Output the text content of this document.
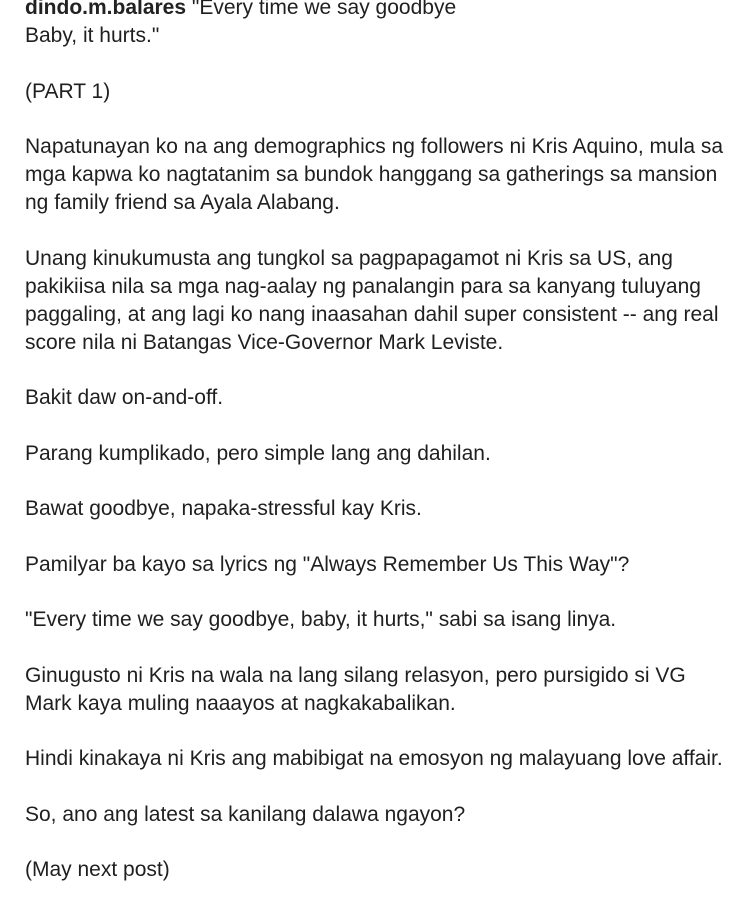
dindo.m.balares "Every time we say goodbye
Baby, it hurts."

(PART 1)

Napatunayan ko na ang demographics ng followers ni Kris Aquino, mula sa mga kapwa ko nagtatanim sa bundok hanggang sa gatherings sa mansion ng family friend sa Ayala Alabang.

Unang kinukumusta ang tungkol sa pagpapagamot ni Kris sa US, ang pakikiisa nila sa mga nag-aalay ng panalangin para sa kanyang tuluyang paggaling, at ang lagi ko nang inaasahan dahil super consistent -- ang real score nila ni Batangas Vice-Governor Mark Leviste.

Bakit daw on-and-off.

Parang kumplikado, pero simple lang ang dahilan.

Bawat goodbye, napaka-stressful kay Kris.

Pamilyar ba kayo sa lyrics ng "Always Remember Us This Way"?

"Every time we say goodbye, baby, it hurts," sabi sa isang linya.

Ginugusto ni Kris na wala na lang silang relasyon, pero pursigido si VG Mark kaya muling naaayos at nagkakabalikan.

Hindi kinakaya ni Kris ang mabibigat na emosyon ng malayuang love affair.

So, ano ang latest sa kanilang dalawa ngayon?

(May next post)
